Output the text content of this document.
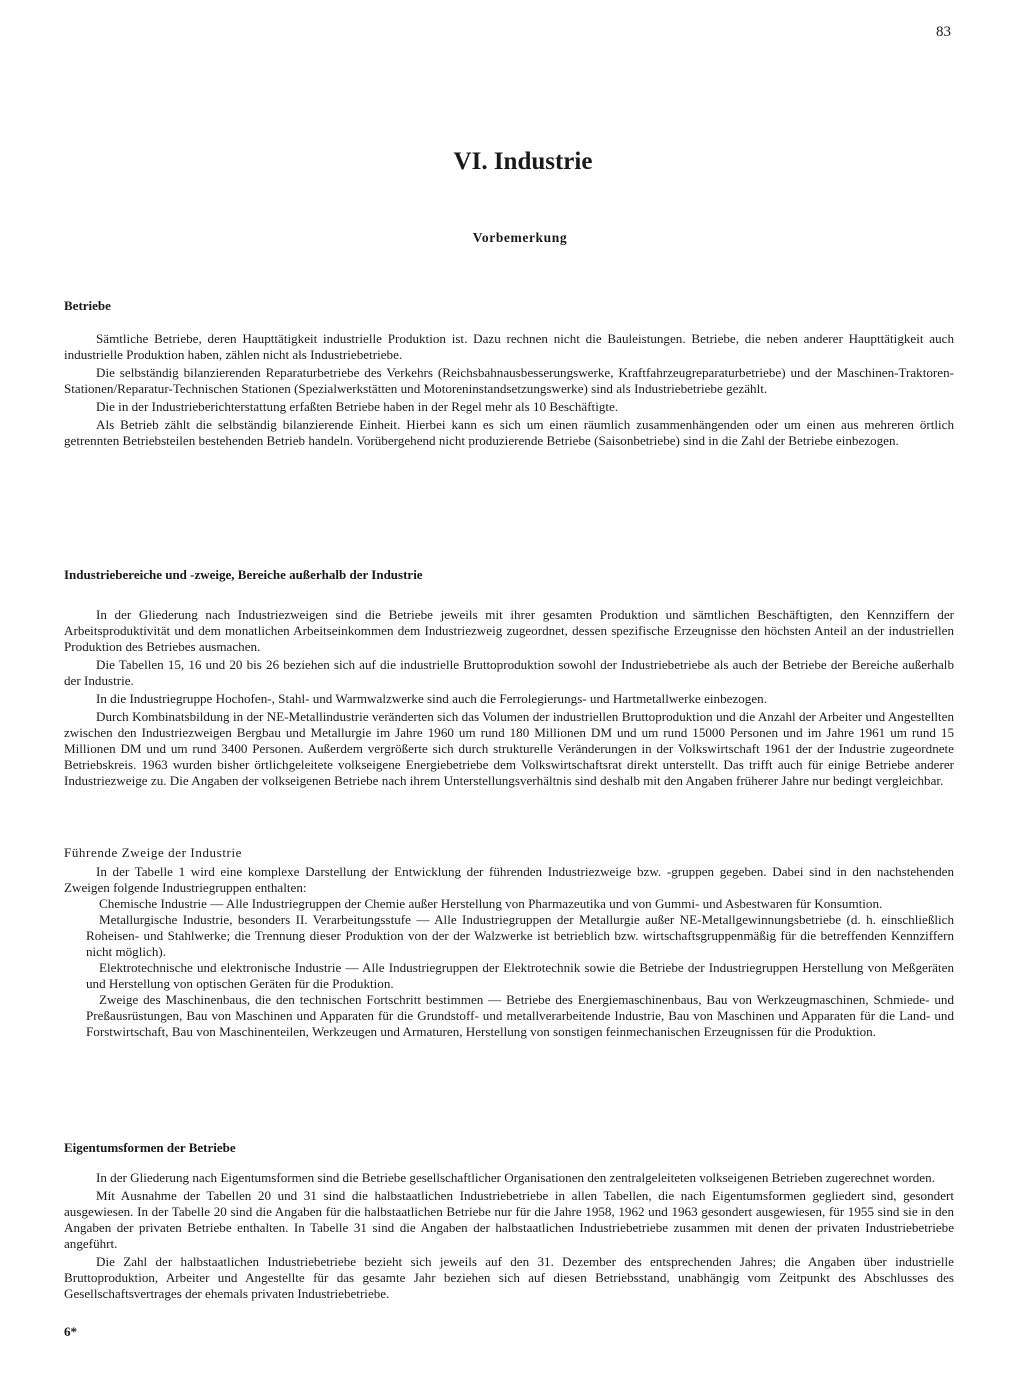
83
VI. Industrie
Vorbemerkung
Betriebe

Sämtliche Betriebe, deren Haupttätigkeit industrielle Produktion ist. Dazu rechnen nicht die Bauleistungen. Betriebe, die neben anderer Haupttätigkeit auch industrielle Produktion haben, zählen nicht als Industriebetriebe.

Die selbständig bilanzierenden Reparaturbetriebe des Verkehrs (Reichsbahnausbesserungswerke, Kraftfahrzeugreparaturbetriebe) und der Maschinen-Traktoren-Stationen/Reparatur-Technischen Stationen (Spezialwerkstätten und Motoreninstandsetzungswerke) sind als Industriebetriebe gezählt.

Die in der Industrieberichterstattung erfaßten Betriebe haben in der Regel mehr als 10 Beschäftigte.

Als Betrieb zählt die selbständig bilanzierende Einheit. Hierbei kann es sich um einen räumlich zusammenhängenden oder um einen aus mehreren örtlich getrennten Betriebsteilen bestehenden Betrieb handeln. Vorübergehend nicht produzierende Betriebe (Saisonbetriebe) sind in die Zahl der Betriebe einbezogen.

Industriebereiche und -zweige, Bereiche außerhalb der Industrie

In der Gliederung nach Industriezweigen sind die Betriebe jeweils mit ihrer gesamten Produktion und sämtlichen Beschäftigten, den Kennziffern der Arbeitsproduktivität und dem monatlichen Arbeitseinkommen dem Industriezweig zugeordnet, dessen spezifische Erzeugnisse den höchsten Anteil an der industriellen Produktion des Betriebes ausmachen.

Die Tabellen 15, 16 und 20 bis 26 beziehen sich auf die industrielle Bruttoproduktion sowohl der Industriebetriebe als auch der Betriebe der Bereiche außerhalb der Industrie.

In die Industriegruppe Hochofen-, Stahl- und Warmwalzwerke sind auch die Ferrolegierungs- und Hartmetallwerke einbezogen.

Durch Kombinatsbildung in der NE-Metallindustrie veränderten sich das Volumen der industriellen Bruttoproduktion und die Anzahl der Arbeiter und Angestellten zwischen den Industriezweigen Bergbau und Metallurgie im Jahre 1960 um rund 180 Millionen DM und um rund 15000 Personen und im Jahre 1961 um rund 15 Millionen DM und um rund 3400 Personen. Außerdem vergrößerte sich durch strukturelle Veränderungen in der Volkswirtschaft 1961 der der Industrie zugeordnete Betriebskreis. 1963 wurden bisher örtlichgeleitete volkseigene Energiebetriebe dem Volkswirtschaftsrat direkt unterstellt. Das trifft auch für einige Betriebe anderer Industriezweige zu. Die Angaben der volkseigenen Betriebe nach ihrem Unterstellungsverhältnis sind deshalb mit den Angaben früherer Jahre nur bedingt vergleichbar.

Führende Zweige der Industrie

In der Tabelle 1 wird eine komplexe Darstellung der Entwicklung der führenden Industriezweige bzw. -gruppen gegeben. Dabei sind in den nachstehenden Zweigen folgende Industriegruppen enthalten:

Chemische Industrie — Alle Industriegruppen der Chemie außer Herstellung von Pharmazeutika und von Gummi- und Asbestwaren für Konsumtion.

Metallurgische Industrie, besonders II. Verarbeitungsstufe — Alle Industriegruppen der Metallurgie außer NE-Metallgewinnungsbetriebe (d. h. einschließlich Roheisen- und Stahlwerke; die Trennung dieser Produktion von der der Walzwerke ist betrieblich bzw. wirtschaftsgruppenmäßig für die betreffenden Kennziffern nicht möglich).

Elektrotechnische und elektronische Industrie — Alle Industriegruppen der Elektrotechnik sowie die Betriebe der Industriegruppen Herstellung von Meßgeräten und Herstellung von optischen Geräten für die Produktion.

Zweige des Maschinenbaus, die den technischen Fortschritt bestimmen — Betriebe des Energiemaschinenbaus, Bau von Werkzeugmaschinen, Schmiede- und Preßausrüstungen, Bau von Maschinen und Apparaten für die Grundstoff- und metallverarbeitende Industrie, Bau von Maschinen und Apparaten für die Land- und Forstwirtschaft, Bau von Maschinenteilen, Werkzeugen und Armaturen, Herstellung von sonstigen feinmechanischen Erzeugnissen für die Produktion.

Eigentumsformen der Betriebe

In der Gliederung nach Eigentumsformen sind die Betriebe gesellschaftlicher Organisationen den zentralgeleiteten volkseigenen Betrieben zugerechnet worden.

Mit Ausnahme der Tabellen 20 und 31 sind die halbstaatlichen Industriebetriebe in allen Tabellen, die nach Eigentumsformen gegliedert sind, gesondert ausgewiesen. In der Tabelle 20 sind die Angaben für die halbstaatlichen Betriebe nur für die Jahre 1958, 1962 und 1963 gesondert ausgewiesen, für 1955 sind sie in den Angaben der privaten Betriebe enthalten. In Tabelle 31 sind die Angaben der halbstaatlichen Industriebetriebe zusammen mit denen der privaten Industriebetriebe angeführt.

Die Zahl der halbstaatlichen Industriebetriebe bezieht sich jeweils auf den 31. Dezember des entsprechenden Jahres; die Angaben über industrielle Bruttoproduktion, Arbeiter und Angestellte für das gesamte Jahr beziehen sich auf diesen Betriebsstand, unabhängig vom Zeitpunkt des Abschlusses des Gesellschaftsvertrages der ehemals privaten Industriebetriebe.

6*
